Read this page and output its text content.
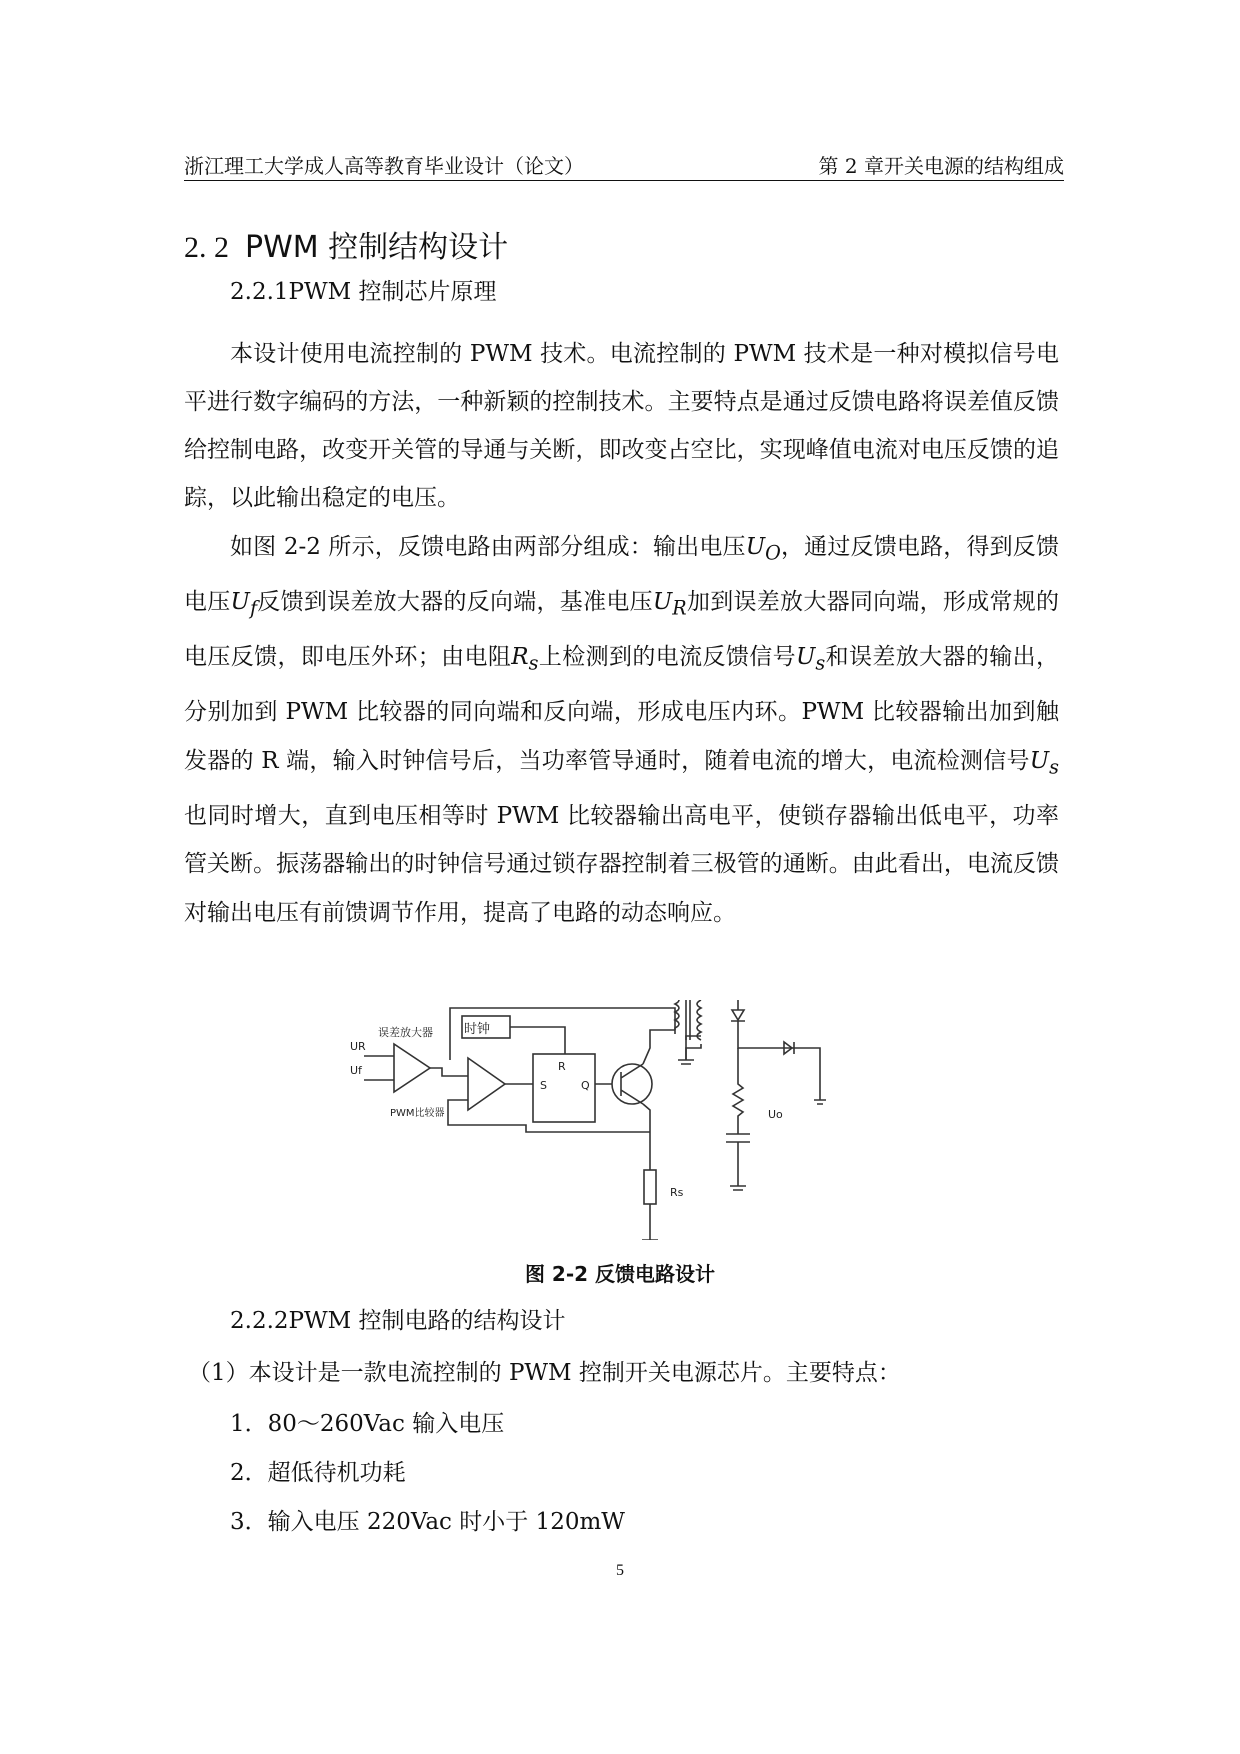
浙江理工大学成人高等教育毕业设计（论文）	第 2 章开关电源的结构组成
2. 2 PWM 控制结构设计
2.2.1PWM 控制芯片原理

本设计使用电流控制的 PWM 技术。电流控制的 PWM 技术是一种对模拟信号电平进行数字编码的方法，一种新颖的控制技术。主要特点是通过反馈电路将误差值反馈给控制电路，改变开关管的导通与关断，即改变占空比，实现峰值电流对电压反馈的追踪，以此输出稳定的电压。

如图 2-2 所示，反馈电路由两部分组成：输出电压$U_O$，通过反馈电路，得到反馈电压$U_f$反馈到误差放大器的反向端，基准电压$U_R$加到误差放大器同向端，形成常规的电压反馈，即电压外环；由电阻$R_s$上检测到的电流反馈信号$U_s$和误差放大器的输出，分别加到 PWM 比较器的同向端和反向端，形成电压内环。PWM 比较器输出加到触发器的 R 端，输入时钟信号后，当功率管导通时，随着电流的增大，电流检测信号$U_s$也同时增大，直到电压相等时 PWM 比较器输出高电平，使锁存器输出低电平，功率管关断。振荡器输出的时钟信号通过锁存器控制着三极管的通断。由此看出，电流反馈对输出电压有前馈调节作用，提高了电路的动态响应。

时钟
误差放大器
PWM比较器
UR
Uf	R
S	Q
Rs
Uo
图 2-2 反馈电路设计
2.2.2PWM 控制电路的结构设计
（1）本设计是一款电流控制的 PWM 控制开关电源芯片。主要特点：
1．80～260Vac 输入电压
2．超低待机功耗
3．输入电压 220Vac 时小于 120mW
5
